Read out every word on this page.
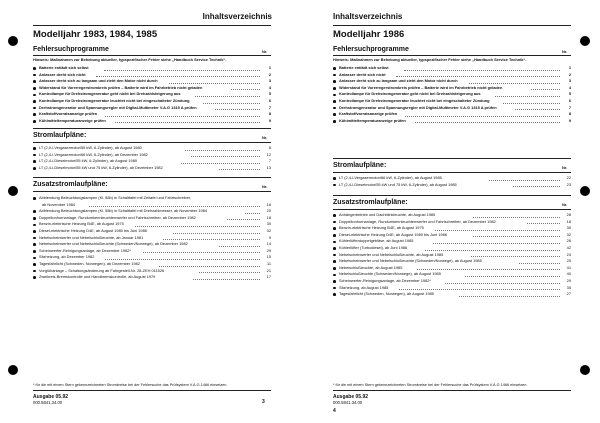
Inhaltsverzeichnis
Modelljahr 1983, 1984, 1985
Fehlersuchprogramme	Nr.
Hinweis: Maßnahmen zur Behebung aktueller, typspezifischer Fehler siehe „Handbuch Service Technik“.
Batterie entlädt sich selbst	1
Anlasser dreht sich nicht	2
Anlasser dreht sich zu langsam und zieht den Motor nicht durch	3
Widerstand für Vorerregerstromkreis prüfen – Batterie wird im Fahrbetrieb nicht geladen	4
Kontrollampe für Drehstromgenerator geht nicht bei Drehzahlsteigerung aus	5
Kontrollampe für Drehstromgenerator leuchtet nicht bei eingeschalteter Zündung	6
Drehstromgenerator und Spannungsregler mit Digital-Multimeter V.A.G 1315 A prüfen	7
Kraftstoffvorratsanzeige prüfen	8
Kühlmitteltemperaturanzeige prüfen	9
Stromlaufpläne:	Nr.
LT (2,0-l-Vergasermotor/55 kW, 6-Zylinder), ab August 1980	8
LT (2,4-l-Vergasermotor/66 kW, 6-Zylinder), ab Dezember 1982	12
LT (2,4-l-Dieselmotor/55 kW, 6-Zylinder), ab August 1980	7
LT (2,4-l-Dieselmotor/55 kW und 75 kW, 6-Zylinder), ab Dezember 1982	13
Zusatzstromlaufpläne:	Nr.
Abblendung Beleuchtungslampen (Kl. 58b) in Schalttafel mit Zeitafel und Fahrtschreiber,
ab November 1984	16
Abblendung Beleuchtungslampen (Kl. 58b) in Schalttafel mit Drehzahlmesser, ab November 1984	20
Doppeltonhornanlage, Rundumkennleuchtenwerfer und Fahrtschreiber, ab Dezember 1982	18
Benzin-elektrische Heizung B4E, ab August 1975	30
Diesel-elektrische Heizung D4E, ab August 1980 bis Juni 1986	32
Nebelscheinwerfer und Nebelschlußleuchte, ab Januar 1981	9
Nebelscheinwerfer und Nebelschlußleuchte (Schweden/Norwege), ab Dezember 1982	14
Scheinwerfer-Reinigungsanlage, ab Dezember 1982*	29
Sitzheizung, ab Dezember 1982	15
Tagesfahrlicht (Schweden, Norwegen), ab Dezember 1982	11
Vorglühanlage – Schaltungsänderung ab Fahrgestell-Nr. 28-ZEH 011526	21
Zweikreis-Bremskontrolle und Handbremskontrolle, ab August 1979	17
* für die mit einem Stern gekennzeichneten Stromkreise bei der Fehlersuche das Prüfsystem V.A.G 1466 einsetzen.
Ausgabe 05.92
000.5841.34.00	3
Inhaltsverzeichnis
Modelljahr 1986
Fehlersuchprogramme	Nr.
Hinweis: Maßnahmen zur Behebung aktueller, typspezifischer Fehler siehe „Handbuch Service Technik“.
Batterie entlädt sich selbst	1
Anlasser dreht sich nicht	2
Anlasser dreht sich zu langsam und zieht den Motor nicht durch	3
Widerstand für Vorerregerstromkreis prüfen – Batterie wird im Fahrbetrieb nicht geladen	4
Kontrollampe für Drehstromgenerator geht nicht bei Drehzahlsteigerung aus	5
Kontrollampe für Drehstromgenerator leuchtet nicht bei eingeschalteter Zündung	6
Drehstromgenerator und Spannungsregler mit Digital-Multimeter V.A.G 1315 A prüfen	7
Kraftstoffvorratsanzeige prüfen	8
Kühlmitteltemperaturanzeige prüfen	9
Stromlaufpläne:	Nr.
LT (2,4-l-Vergasermotor/66 kW, 6-Zylinder), ab August 1985	22
LT (2,4-l-Dieselmotor/55 kW und 75 kW, 6-Zylinder), ab August 1985	23
Zusatzstromlaufpläne:	Nr.
Anhängerbetrieb und Dachblinkleuchte, ab August 1985	28
Doppeltonhornanlage, Rundumkennleuchtenwerfer und Fahrtschreiber, ab Dezember 1982	18
Benzin-elektrische Heizung B4E, ab August 1975	30
Diesel-elektrische Heizung D4E, ab August 1980 bis Juni 1986	32
Kühlerlüfterdoppelgebläse, ab August 1985	26
Kühlerlüfter (Turbodiesel), ab Juni 1986	42
Nebelscheinwerfer und Nebelschlußleuchte, ab August 1985	24
Nebelscheinwerfer und Nebelschlußleuchte (Schweden/Norwege), ab August 1985	25
Nebelschlußleuchte, ab August 1985	41
Nebelschlußleuchte (Schweden/Norwege), ab August 1985	40
Scheinwerfer-Reinigungsanlage, ab Dezember 1982*	29
Sitzheizung, ab August 1985	35
Tagesfahrlicht (Schweden, Norwegen), ab August 1985	27
* für die mit einem Stern gekennzeichneten Stromkreise bei der Fehlersuche das Prüfsystem V.A.G 1466 einsetzen.
Ausgabe 05.92
000.5841.34.00
4
